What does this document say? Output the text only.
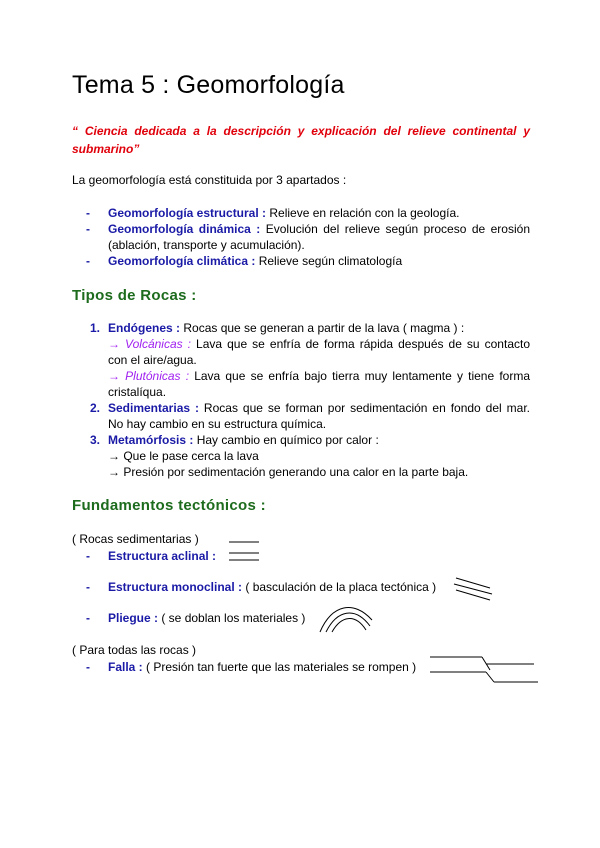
Tema 5 : Geomorfología

“ Ciencia dedicada a la descripción y explicación del relieve continental y submarino”

La geomorfología está constituida por 3 apartados :

- Geomorfología estructural : Relieve en relación con la geología.
- Geomorfología dinámica : Evolución del relieve según proceso de erosión (ablación, transporte y acumulación).
- Geomorfología climática : Relieve según climatología
Tipos de Rocas :
1. Endógenes : Rocas que se generan a partir de la lava ( magma ) :
→ Volcánicas : Lava que se enfría de forma rápida después de su contacto con el aire/agua.
→ Plutónicas : Lava que se enfría bajo tierra muy lentamente y tiene forma cristalíqua.
2. Sedimentarias : Rocas que se forman por sedimentación en fondo del mar. No hay cambio en su estructura química.
3. Metamórfosis : Hay cambio en químico por calor :
→ Que le pase cerca la lava
→ Presión por sedimentación generando una calor en la parte baja.
Fundamentos tectónicos :

( Rocas sedimentarias )

- Estructura aclinal :
- Estructura monoclinal : ( basculación de la placa tectónica )
- Pliegue : ( se doblan los materiales )

( Para todas las rocas )

- Falla : ( Presión tan fuerte que las materiales se rompen )
